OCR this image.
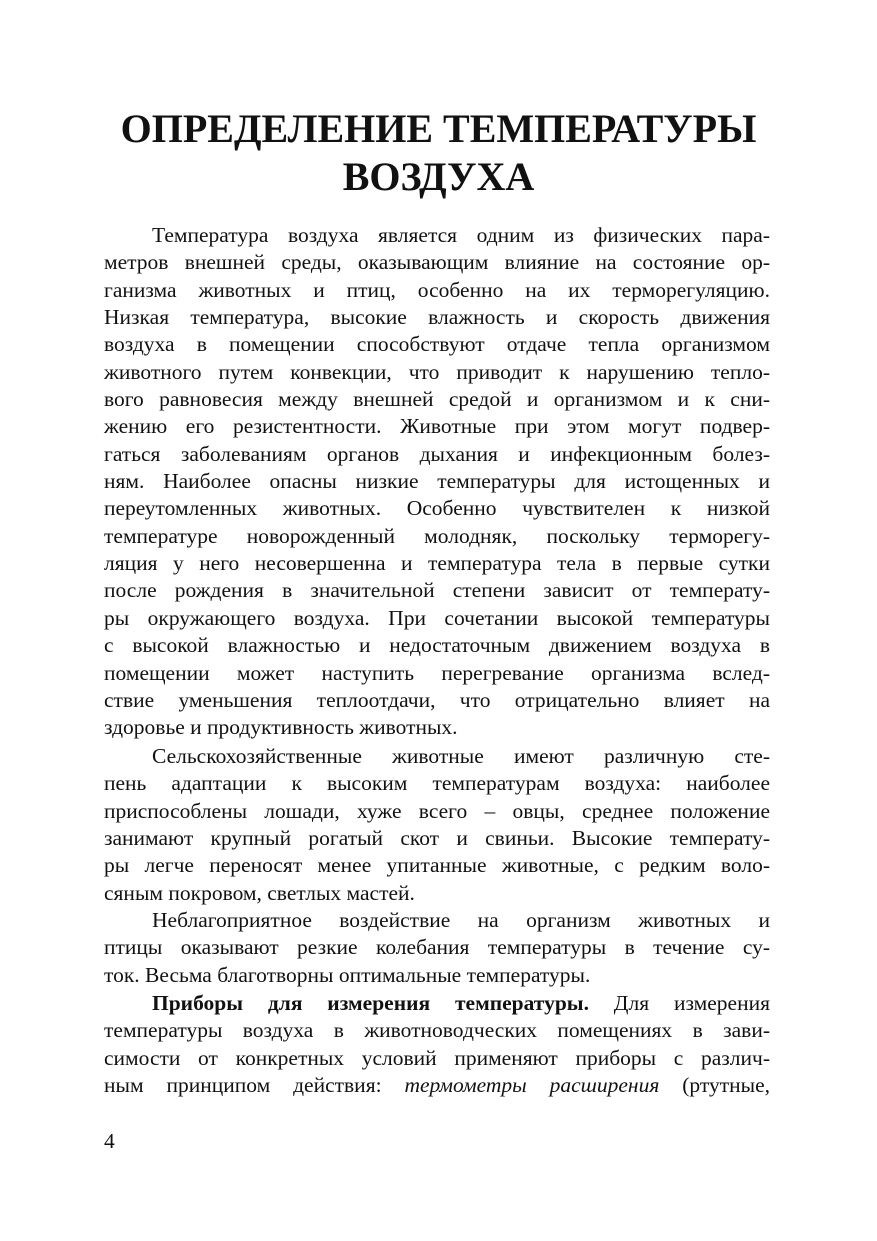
ОПРЕДЕЛЕНИЕ ТЕМПЕРАТУРЫ
ВОЗДУХА
Температура воздуха является одним из физических пара-
метров внешней среды, оказывающим влияние на состояние ор-
ганизма животных и птиц, особенно на их терморегуляцию.
Низкая температура, высокие влажность и скорость движения
воздуха в помещении способствуют отдаче тепла организмом
животного путем конвекции, что приводит к нарушению тепло-
вого равновесия между внешней средой и организмом и к сни-
жению его резистентности. Животные при этом могут подвер-
гаться заболеваниям органов дыхания и инфекционным болез-
ням. Наиболее опасны низкие температуры для истощенных и
переутомленных животных. Особенно чувствителен к низкой
температуре новорожденный молодняк, поскольку терморегу-
ляция у него несовершенна и температура тела в первые сутки
после рождения в значительной степени зависит от температу-
ры окружающего воздуха. При сочетании высокой температуры
с высокой влажностью и недостаточным движением воздуха в
помещении может наступить перегревание организма вслед-
ствие уменьшения теплоотдачи, что отрицательно влияет на
здоровье и продуктивность животных.
Сельскохозяйственные животные имеют различную сте-
пень адаптации к высоким температурам воздуха: наиболее
приспособлены лошади, хуже всего – овцы, среднее положение
занимают крупный рогатый скот и свиньи. Высокие температу-
ры легче переносят менее упитанные животные, с редким воло-
сяным покровом, светлых мастей.
Неблагоприятное воздействие на организм животных и
птицы оказывают резкие колебания температуры в течение су-
ток. Весьма благотворны оптимальные температуры.
Приборы для измерения температуры. Для измерения
температуры воздуха в животноводческих помещениях в зави-
симости от конкретных условий применяют приборы с различ-
ным принципом действия: термометры расширения (ртутные,
4
